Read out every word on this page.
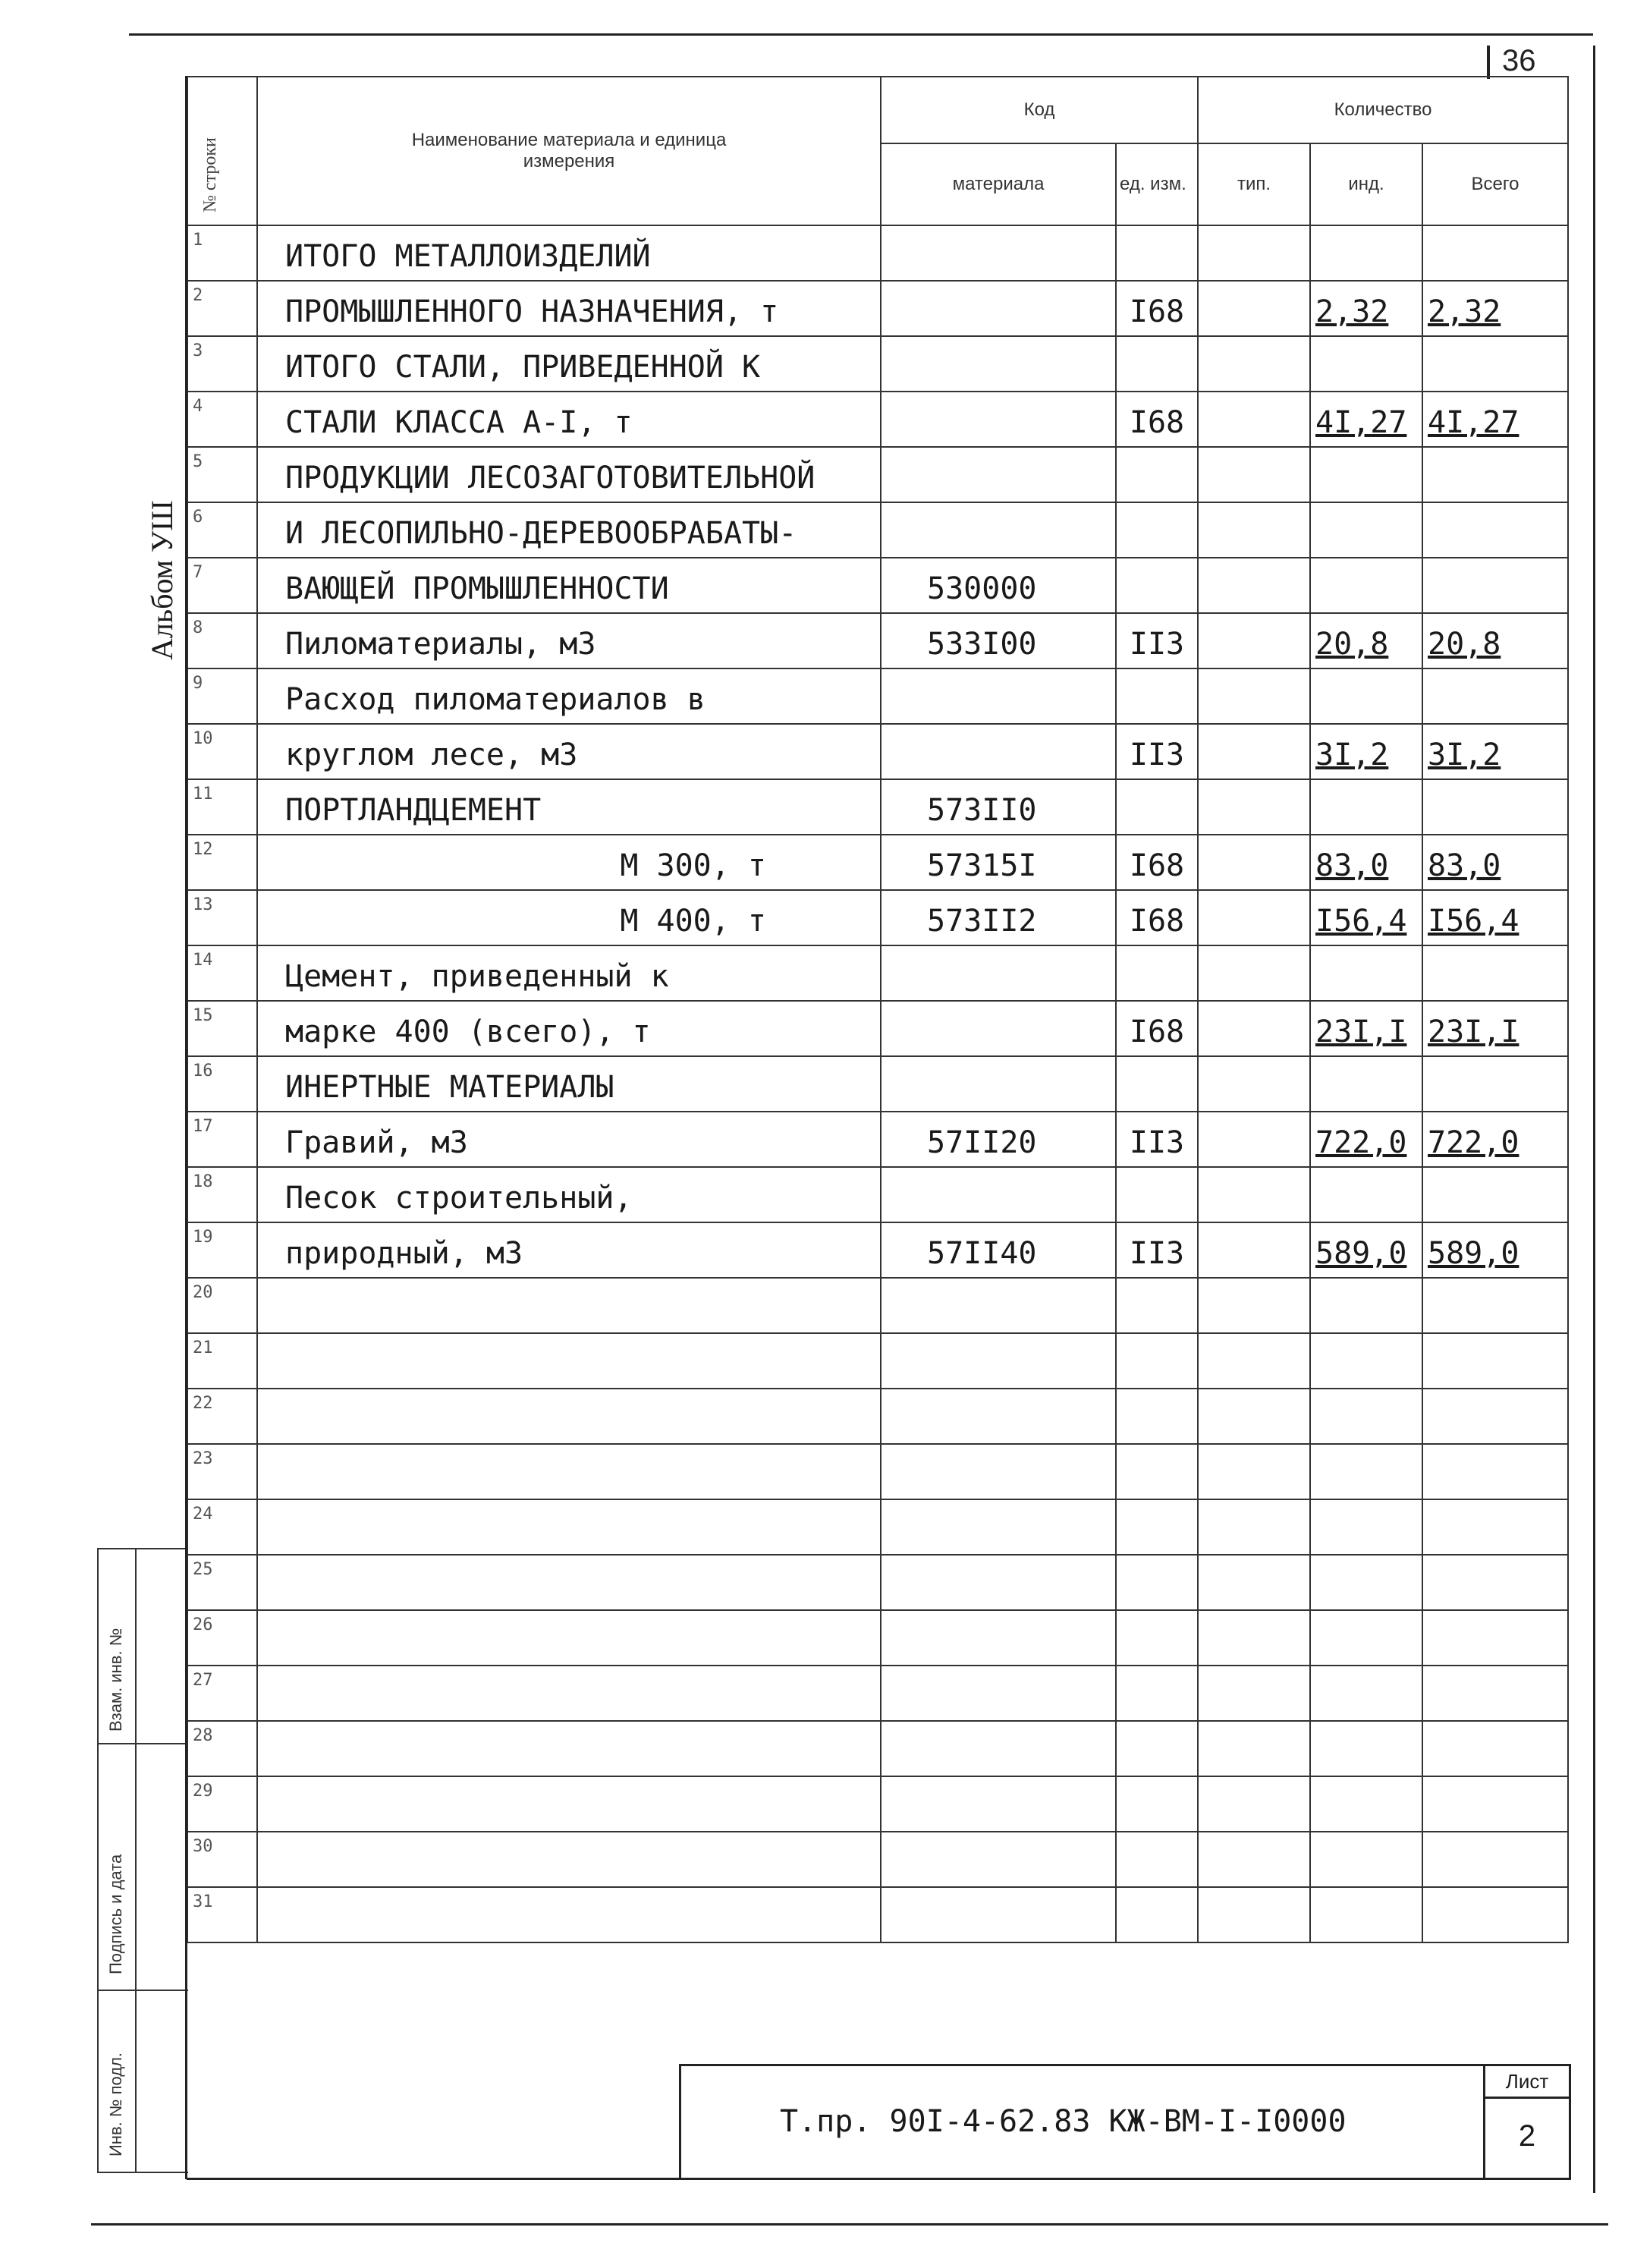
36
Альбом УШ
	Наименование материала и единица измерения	Код		Количество		
		материала	ед. изм.	тип.	инд.	Всего
1	ИТОГО МЕТАЛЛОИЗДЕЛИЙ					
2	ПРОМЫШЛЕННОГО НАЗНАЧЕНИЯ, т		I68		2,32	2,32
3	ИТОГО СТАЛИ, ПРИВЕДЕННОЙ К					
4	СТАЛИ КЛАССА А-I, т		I68		4I,27	4I,27
5	ПРОДУКЦИИ ЛЕСОЗАГОТОВИТЕЛЬНОЙ					
6	И ЛЕСОПИЛЬНО-ДЕРЕВООБРАБАТЫ-					
7	ВАЮЩЕЙ ПРОМЫШЛЕННОСТИ	530000				
8	Пиломатериалы, м3	533I00	II3		20,8	20,8
9	Расход пиломатериалов в					
10	круглом лесе, м3		II3		3I,2	3I,2
11	ПОРТЛАНДЦЕМЕНТ	573II0				
12	М 300, т	57315I	I68		83,0	83,0
13	М 400, т	573II2	I68		I56,4	I56,4
14	Цемент, приведенный к					
15	марке 400 (всего), т		I68		23I,I	23I,I
16	ИНЕРТНЫЕ МАТЕРИАЛЫ					
17	Гравий, м3	57II20	II3		722,0	722,0
18	Песок строительный,					
19	природный, м3	57II40	II3		589,0	589,0
20						
21						
22						
23						
24						
25						
26						
27						
28						
29						
30						
31						
№ строки
Взам. инв. №
Подпись и дата
Инв. № подл.	Т.пр. 90I-4-62.83 КЖ-ВМ-I-I0000
Лист
2
